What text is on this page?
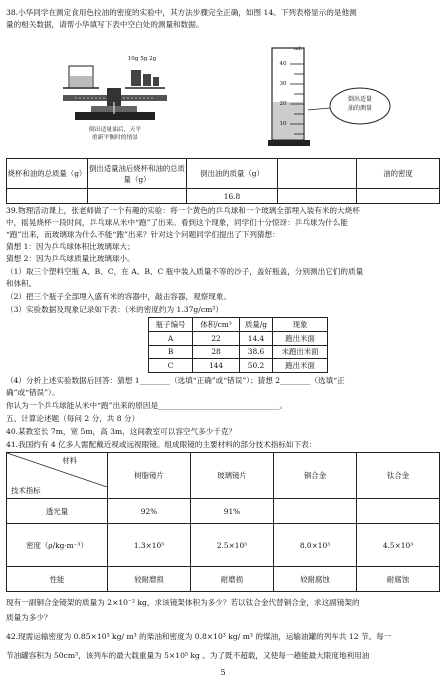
38.小华同学在测定食用色拉油的密度的实验中，其方法步骤完全正确，如图 14。下列表格显示的是他测
量的相关数据，请帮小华填写下表中空白处的测量和数据。
10g 5g 2g
倒出适量油后，天平
重新平衡时的情景
mL
40
30
20
10
倒出适量
油的测量
烧杯和油的总质量（g）	倒出适量油后烧杯和油的总质量（g）	倒出油的质量（g）		油的密度
		16.8		
39.物理活动课上，张老师做了一个有趣的实验：将一个黄色的乒乓球和一个玻璃全部埋入装有米的大烧杯
中，摇晃烧杯一段时间，乒乓球从米中“跑”了出来。看到这个现象，同学们十分惊讶：乒乓球为什么能
“跑”出来，而玻璃球为什么不能“跑”出来？针对这个问题同学们提出了下列猜想：
猜想 1：因为乒乓球体积比玻璃球大；
猜想 2：因为乒乓球质量比玻璃球小。
（1）取三个塑料空瓶 A、B、C，在 A、B、C 瓶中装入质量不等的沙子，盖好瓶盖，分别测出它们的质量
和体积。
（2）把三个瓶子全部埋入盛有米的容器中，敲击容器，观察现象。
（3）实验数据及现象记录如下表：（米的密度约为 1.37g/cm³）
瓶子编号	体积/cm³	质量/g	现象
A	22	14.4	跑出米面
B	28	38.6	未跑出米面
C	144	50.2	跑出米面
（4）分析上述实验数据后回答：猜想 1________（选填“正确”或“错误”）；猜想 2________（选填“正
确”或“错误”）。
你认为一个乒乓球能从米中“跑”出来的原因是________________________________。
五、计算论述题（每问 2 分，共 8 分）
40.某教室长 7m，宽 5m，高 3m，这间教室可以容空气多少千克？
41.我国约有 4 亿多人需配戴近视或远视眼镜。组成眼镜的主要材料的部分技术指标如下表：
材料
技术指标	树脂镜片	玻璃镜片	铜合金	钛合金
透光量	92%	91%		
密度（ρ/kg·m⁻³）	1.3×10³	2.5×10³	8.0×10³	4.5×10³
性能	较耐磨损	耐磨损	较耐腐蚀	耐腐蚀
现有一副铜合金镜架的质量为 2×10⁻² kg，求该镜架体积为多少？若以钛合金代替铜合金，求这副镜架的
质量为多少？
42.现需运输密度为 0.85×10³ kg/ m³ 的柴油和密度为 0.8×10³ kg/ m³ 的煤油，运输油罐的列车共 12 节。每一
节油罐容积为 50cm³，该列车的最大载重量为 5×10⁵ kg 。为了既不超载，又使每一趟能最大限度地利用油
5
